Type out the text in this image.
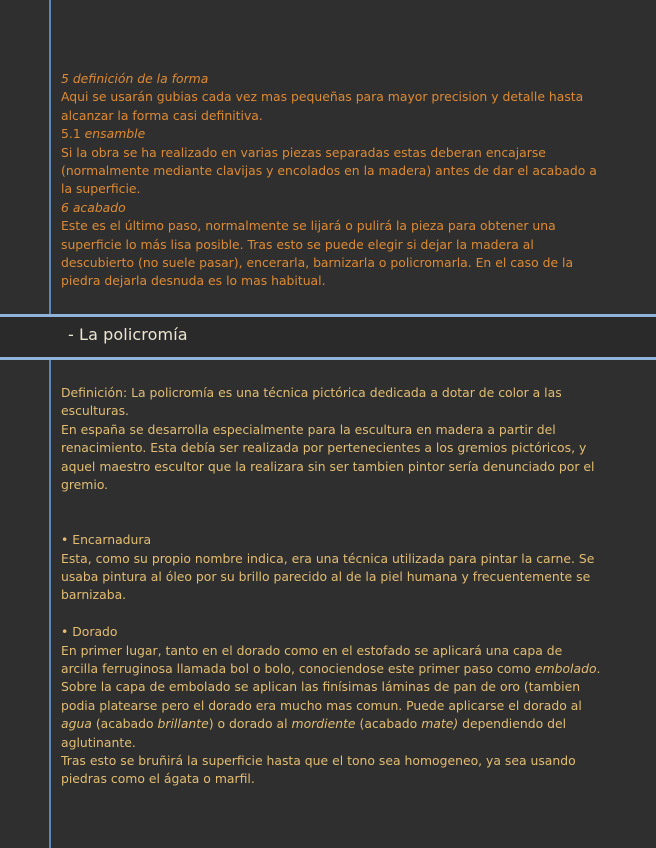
5 definición de la forma

Aqui se usarán gubias cada vez mas pequeñas para mayor precision y detalle hasta alcanzar la forma casi definitiva.

5.1 ensamble

Si la obra se ha realizado en varias piezas separadas estas deberan encajarse (normalmente mediante clavijas y encolados en la madera) antes de dar el acabado a la superficie.

6 acabado

Este es el último paso, normalmente se lijará o pulirá la pieza para obtener una superficie lo más lisa posible. Tras esto se puede elegir si dejar la madera al descubierto (no suele pasar), encerarla, barnizarla o policromarla. En el caso de la piedra dejarla desnuda es lo mas habitual.

- La policromía

Definición: La policromía es una técnica pictórica dedicada a dotar de color a las esculturas.

En españa se desarrolla especialmente para la escultura en madera a partir del renacimiento. Esta debía ser realizada por pertenecientes a los gremios pictóricos, y aquel maestro escultor que la realizara sin ser tambien pintor sería denunciado por el gremio.

• Encarnadura

Esta, como su propio nombre indica, era una técnica utilizada para pintar la carne. Se usaba pintura al óleo por su brillo parecido al de la piel humana y frecuentemente se barnizaba.

• Dorado

En primer lugar, tanto en el dorado como en el estofado se aplicará una capa de arcilla ferruginosa llamada bol o bolo, conociendose este primer paso como embolado.

Sobre la capa de embolado se aplican las finísimas láminas de pan de oro (tambien podia platearse pero el dorado era mucho mas comun. Puede aplicarse el dorado al agua (acabado brillante) o dorado al mordiente (acabado mate) dependiendo del aglutinante.

Tras esto se bruñirá la superficie hasta que el tono sea homogeneo, ya sea usando piedras como el ágata o marfil.
